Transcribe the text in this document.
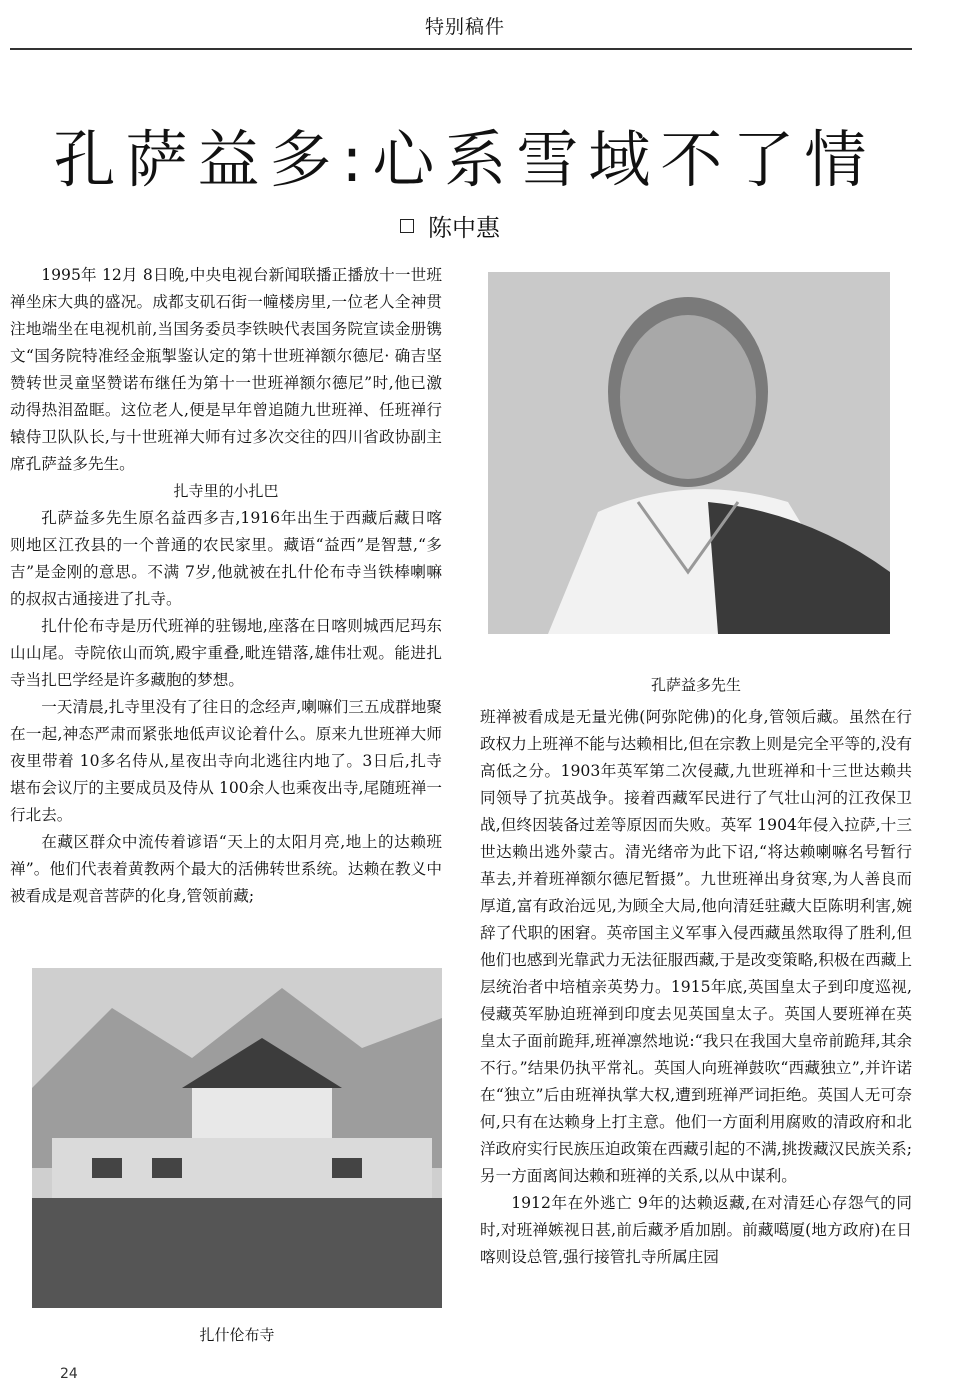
特别稿件
孔萨益多:心系雪域不了情
陈中惠

1995年 12月 8日晚,中央电视台新闻联播正播放十一世班禅坐床大典的盛况。成都支矶石街一幢楼房里,一位老人全神贯注地端坐在电视机前,当国务委员李铁映代表国务院宣读金册镌文“国务院特准经金瓶掣鉴认定的第十世班禅额尔德尼· 确吉坚赞转世灵童坚赞诺布继任为第十一世班禅额尔德尼”时,他已激动得热泪盈眶。这位老人,便是早年曾追随九世班禅、任班禅行辕侍卫队队长,与十世班禅大师有过多次交往的四川省政协副主席孔萨益多先生。

扎寺里的小扎巴

孔萨益多先生原名益西多吉,1916年出生于西藏后藏日喀则地区江孜县的一个普通的农民家里。藏语“益西”是智慧,“多吉”是金刚的意思。不满 7岁,他就被在扎什伦布寺当铁棒喇嘛的叔叔古通接进了扎寺。

扎什伦布寺是历代班禅的驻锡地,座落在日喀则城西尼玛东山山尾。寺院依山而筑,殿宇重叠,毗连错落,雄伟壮观。能进扎寺当扎巴学经是许多藏胞的梦想。

一天清晨,扎寺里没有了往日的念经声,喇嘛们三五成群地聚在一起,神态严肃而紧张地低声议论着什么。原来九世班禅大师夜里带着 10多名侍从,星夜出寺向北逃往内地了。3日后,扎寺堪布会议厅的主要成员及侍从 100余人也乘夜出寺,尾随班禅一行北去。

在藏区群众中流传着谚语“天上的太阳月亮,地上的达赖班禅”。他们代表着黄教两个最大的活佛转世系统。达赖在教义中被看成是观音菩萨的化身,管领前藏;

孔萨益多先生

班禅被看成是无量光佛(阿弥陀佛)的化身,管领后藏。虽然在行政权力上班禅不能与达赖相比,但在宗教上则是完全平等的,没有高低之分。1903年英军第二次侵藏,九世班禅和十三世达赖共同领导了抗英战争。接着西藏军民进行了气壮山河的江孜保卫战,但终因装备过差等原因而失败。英军 1904年侵入拉萨,十三世达赖出逃外蒙古。清光绪帝为此下诏,“将达赖喇嘛名号暂行革去,并着班禅额尔德尼暂摄”。九世班禅出身贫寒,为人善良而厚道,富有政治远见,为顾全大局,他向清廷驻藏大臣陈明利害,婉辞了代职的困窘。英帝国主义军事入侵西藏虽然取得了胜利,但他们也感到光靠武力无法征服西藏,于是改变策略,积极在西藏上层统治者中培植亲英势力。1915年底,英国皇太子到印度巡视,侵藏英军胁迫班禅到印度去见英国皇太子。英国人要班禅在英皇太子面前跪拜,班禅凛然地说:“我只在我国大皇帝前跪拜,其余不行。”结果仍执平常礼。英国人向班禅鼓吹“西藏独立”,并许诺在“独立”后由班禅执掌大权,遭到班禅严词拒绝。英国人无可奈何,只有在达赖身上打主意。他们一方面利用腐败的清政府和北洋政府实行民族压迫政策在西藏引起的不满,挑拨藏汉民族关系;另一方面离间达赖和班禅的关系,以从中谋利。

1912年在外逃亡 9年的达赖返藏,在对清廷心存怨气的同时,对班禅嫉视日甚,前后藏矛盾加剧。前藏噶厦(地方政府)在日喀则设总管,强行接管扎寺所属庄园

扎什伦布寺
24
